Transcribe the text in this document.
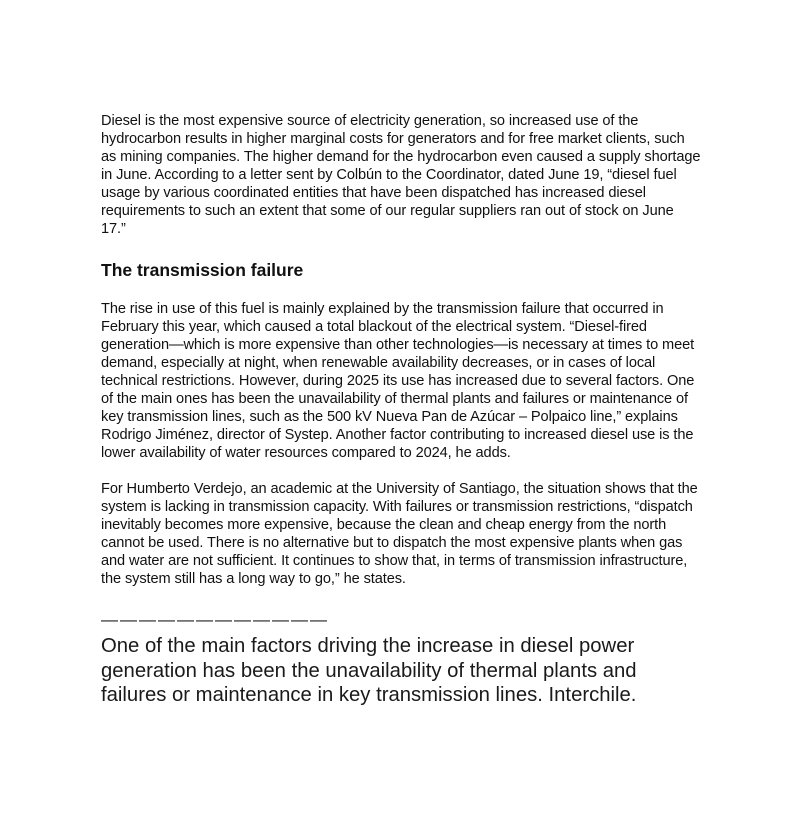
Diesel is the most expensive source of electricity generation, so increased use of the hydrocarbon results in higher marginal costs for generators and for free market clients, such as mining companies. The higher demand for the hydrocarbon even caused a supply shortage in June. According to a letter sent by Colbún to the Coordinator, dated June 19, “diesel fuel usage by various coordinated entities that have been dispatched has increased diesel requirements to such an extent that some of our regular suppliers ran out of stock on June 17.”

The transmission failure

The rise in use of this fuel is mainly explained by the transmission failure that occurred in February this year, which caused a total blackout of the electrical system. “Diesel-fired generation—which is more expensive than other technologies—is necessary at times to meet demand, especially at night, when renewable availability decreases, or in cases of local technical restrictions. However, during 2025 its use has increased due to several factors. One of the main ones has been the unavailability of thermal plants and failures or maintenance of key transmission lines, such as the 500 kV Nueva Pan de Azúcar – Polpaico line,” explains Rodrigo Jiménez, director of Systep. Another factor contributing to increased diesel use is the lower availability of water resources compared to 2024, he adds.

For Humberto Verdejo, an academic at the University of Santiago, the situation shows that the system is lacking in transmission capacity. With failures or transmission restrictions, “dispatch inevitably becomes more expensive, because the clean and cheap energy from the north cannot be used. There is no alternative but to dispatch the most expensive plants when gas and water are not sufficient. It continues to show that, in terms of transmission infrastructure, the system still has a long way to go,” he states.

————————————

One of the main factors driving the increase in diesel power generation has been the unavailability of thermal plants and failures or maintenance in key transmission lines. Interchile.
